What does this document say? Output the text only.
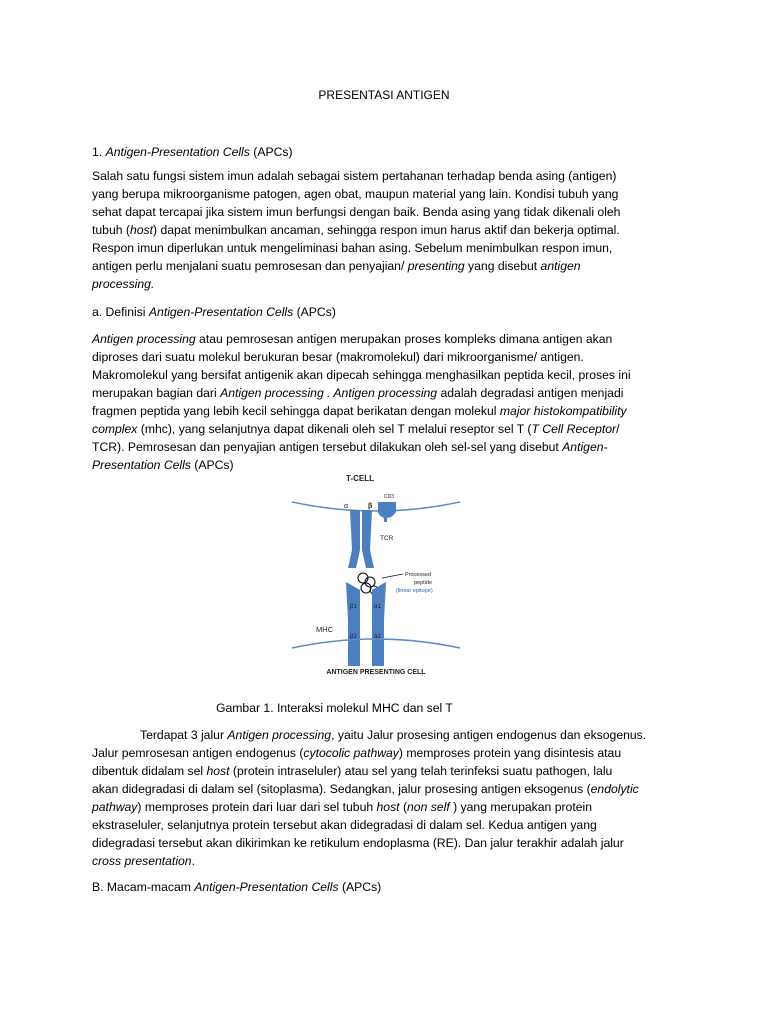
PRESENTASI ANTIGEN
1. Antigen-Presentation Cells (APCs)
Salah satu fungsi sistem imun adalah sebagai sistem pertahanan terhadap benda asing (antigen)
yang berupa mikroorganisme patogen, agen obat, maupun material yang lain. Kondisi tubuh yang
sehat dapat tercapai jika sistem imun berfungsi dengan baik. Benda asing yang tidak dikenali oleh
tubuh (host) dapat menimbulkan ancaman, sehingga respon imun harus aktif dan bekerja optimal.
Respon imun diperlukan untuk mengeliminasi bahan asing. Sebelum menimbulkan respon imun,
antigen perlu menjalani suatu pemrosesan dan penyajian/ presenting yang disebut antigen
processing.
a. Definisi Antigen-Presentation Cells (APCs)
Antigen processing atau pemrosesan antigen merupakan proses kompleks dimana antigen akan
diproses dari suatu molekul berukuran besar (makromolekul) dari mikroorganisme/ antigen.
Makromolekul yang bersifat antigenik akan dipecah sehingga menghasilkan peptida kecil, proses ini
merupakan bagian dari Antigen processing . Antigen processing adalah degradasi antigen menjadi
fragmen peptida yang lebih kecil sehingga dapat berikatan dengan molekul major histokompatibility
complex (mhc), yang selanjutnya dapat dikenali oleh sel T melalui reseptor sel T (T Cell Receptor/
TCR). Pemrosesan dan penyajian antigen tersebut dilakukan oleh sel-sel yang disebut Antigen-
Presentation Cells (APCs)
T-CELL
CD3
α	β
TCR
Processed
peptide
(linear epitope)
β1	α1
β2	α2
MHC
ANTIGEN PRESENTING CELL
Gambar 1. Interaksi molekul MHC dan sel T
Terdapat 3 jalur Antigen processing, yaitu Jalur prosesing antigen endogenus dan eksogenus.
Jalur pemrosesan antigen endogenus (cytocolic pathway) memproses protein yang disintesis atau
dibentuk didalam sel host (protein intraseluler) atau sel yang telah terinfeksi suatu pathogen, lalu
akan didegradasi di dalam sel (sitoplasma). Sedangkan, jalur prosesing antigen eksogenus (endolytic
pathway) memproses protein dari luar dari sel tubuh host (non self ) yang merupakan protein
ekstraseluler, selanjutnya protein tersebut akan didegradasi di dalam sel. Kedua antigen yang
didegradasi tersebut akan dikirimkan ke retikulum endoplasma (RE). Dan jalur terakhir adalah jalur
cross presentation.
B. Macam-macam Antigen-Presentation Cells (APCs)
